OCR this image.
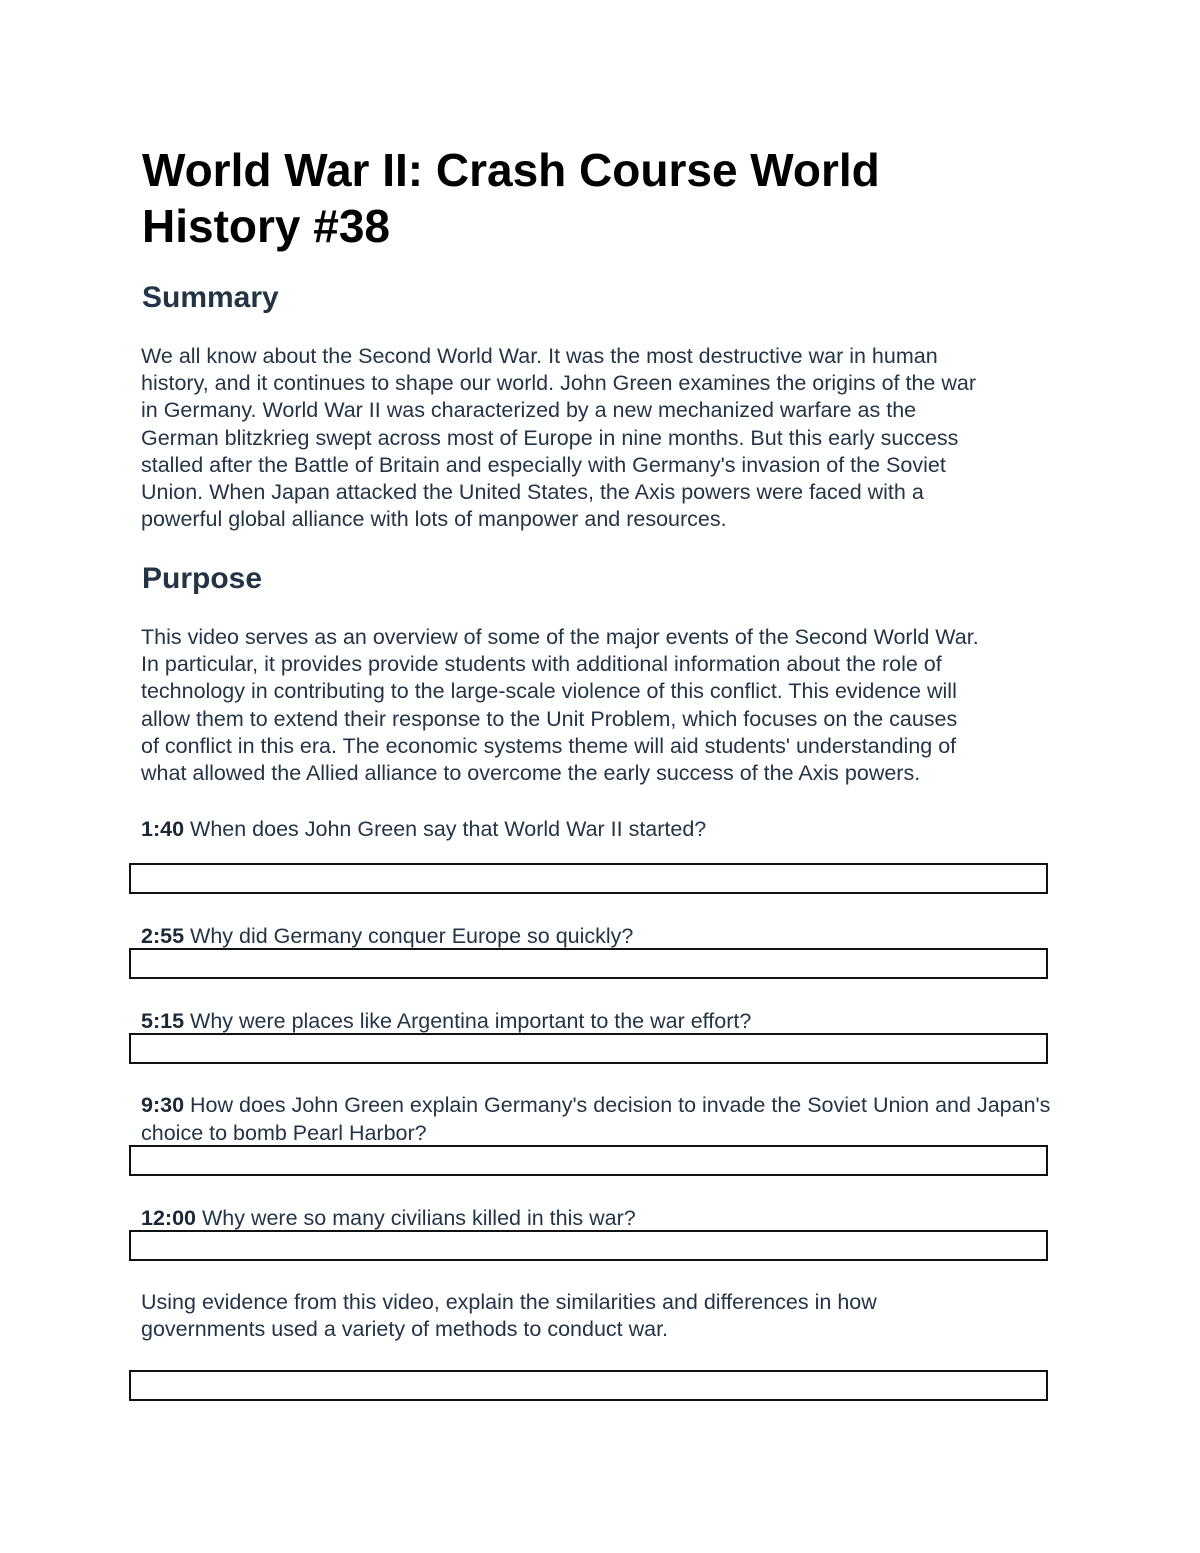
World War II: Crash Course World
History #38
Summary
We all know about the Second World War. It was the most destructive war in human
history, and it continues to shape our world. John Green examines the origins of the war
in Germany. World War II was characterized by a new mechanized warfare as the
German blitzkrieg swept across most of Europe in nine months. But this early success
stalled after the Battle of Britain and especially with Germany's invasion of the Soviet
Union. When Japan attacked the United States, the Axis powers were faced with a
powerful global alliance with lots of manpower and resources.
Purpose
This video serves as an overview of some of the major events of the Second World War.
In particular, it provides provide students with additional information about the role of
technology in contributing to the large-scale violence of this conflict. This evidence will
allow them to extend their response to the Unit Problem, which focuses on the causes
of conflict in this era. The economic systems theme will aid students' understanding of
what allowed the Allied alliance to overcome the early success of the Axis powers.

1:40 When does John Green say that World War II started?

2:55 Why did Germany conquer Europe so quickly?

5:15 Why were places like Argentina important to the war effort?

9:30 How does John Green explain Germany's decision to invade the Soviet Union and Japan's choice to bomb Pearl Harbor?

12:00 Why were so many civilians killed in this war?

Using evidence from this video, explain the similarities and differences in how
governments used a variety of methods to conduct war.
